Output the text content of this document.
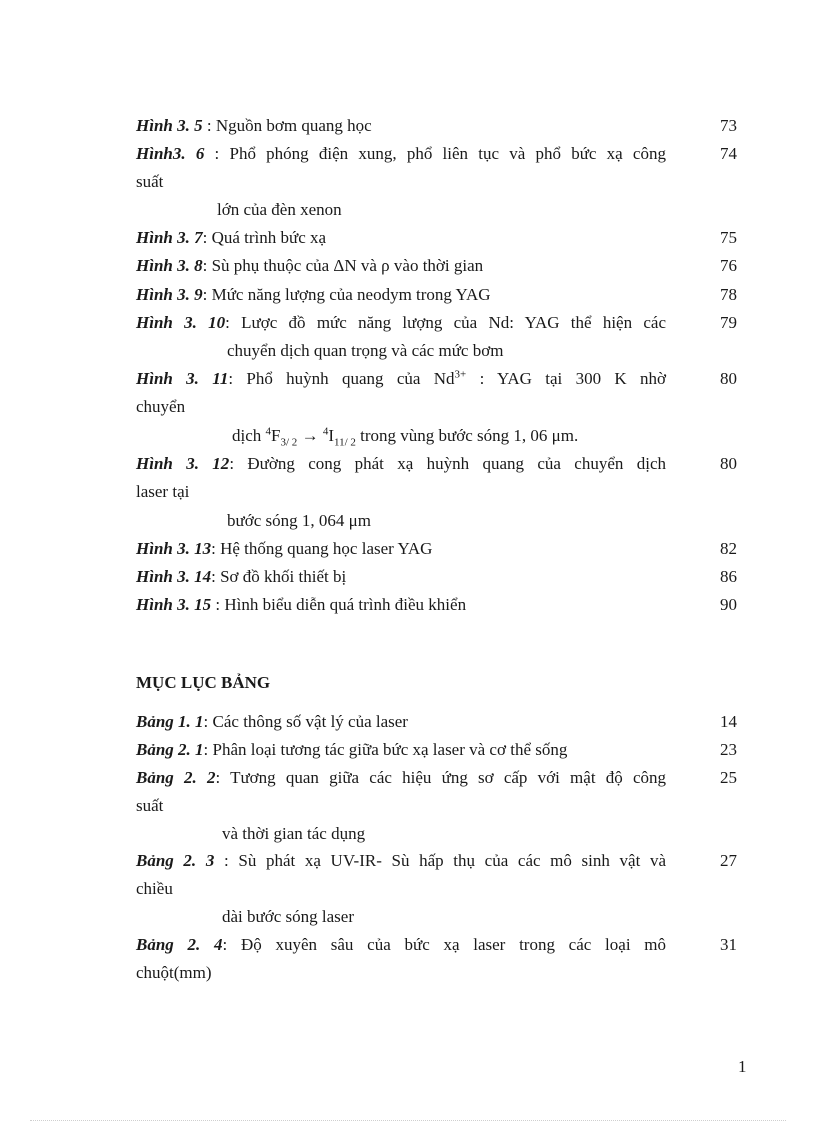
Hình 3. 5 : Nguồn bơm quang học	73
Hình3. 6 : Phổ phóng điện xung, phổ liên tục và phổ bức xạ công	74
suất
lớn của đèn xenon
Hình 3. 7: Quá trình bức xạ	75
Hình 3. 8: Sù phụ thuộc của ΔN và ρ vào thời gian	76
Hình 3. 9: Mức năng lượng của neodym trong YAG	78
Hình 3. 10: Lược đồ mức năng lượng của Nd: YAG thể hiện các	79
chuyển dịch quan trọng và các mức bơm
Hình 3. 11: Phổ huỳnh quang của $Nd^{3+}$ : YAG tại 300 K nhờ	80
chuyển
dịch $^4F_{3/ 2} \to ^4I_{11/ 2}$ trong vùng bước sóng 1, 06 μm.
Hình 3. 12: Đường cong phát xạ huỳnh quang của chuyển dịch	80
laser tại
bước sóng 1, 064 μm
Hình 3. 13: Hệ thống quang học laser YAG	82
Hình 3. 14: Sơ đồ khối thiết bị	86
Hình 3. 15 : Hình biểu diễn quá trình điều khiển	90
MỤC LỤC BẢNG
Bảng 1. 1: Các thông số vật lý của laser	14
Bảng 2. 1: Phân loại tương tác giữa bức xạ laser và cơ thể sống	23
Bảng 2. 2: Tương quan giữa các hiệu ứng sơ cấp với mật độ công	25
suất
và thời gian tác dụng
Bảng 2. 3 : Sù phát xạ UV-IR- Sù hấp thụ của các mô sinh vật và	27
chiều
dài bước sóng laser
Bảng 2. 4: Độ xuyên sâu của bức xạ laser trong các loại mô	31
chuột(mm)
1
